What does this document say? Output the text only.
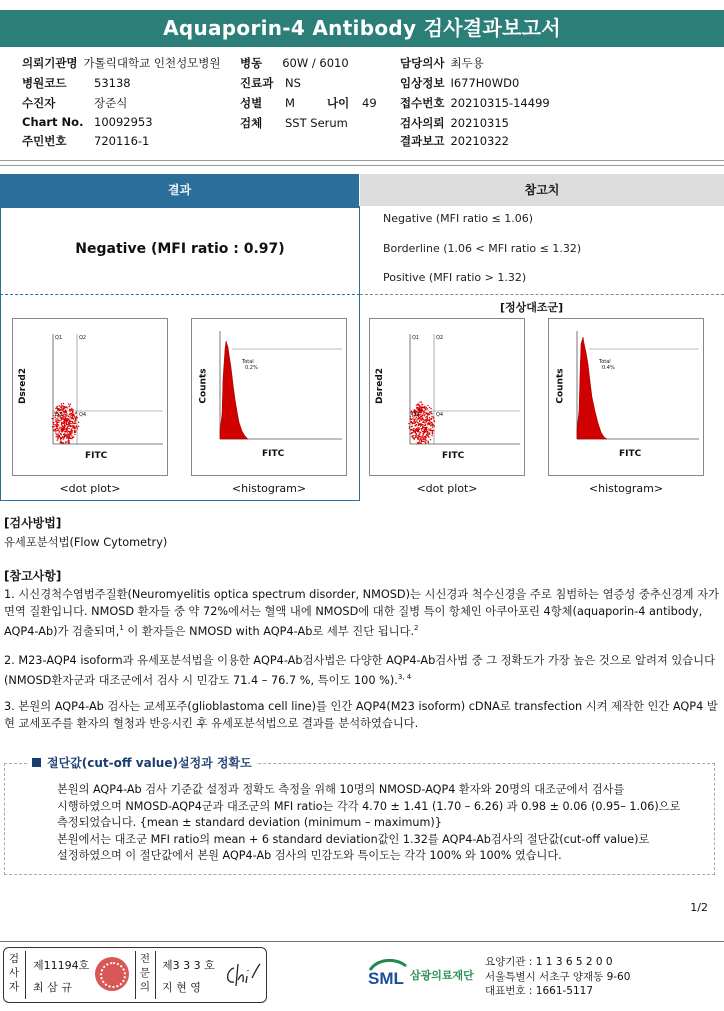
Aquaporin-4 Antibody 검사결과보고서
의뢰기관명 가톨릭대학교 인천성모병원 병동 60W / 6010	담당의사 최두용
병원코드 53138	진료과 NS	임상정보 I677H0WD0
수진자	장준식	성별 M	나이 49 접수번호 20210315-14499
Chart No. 10092953	검체 SST Serum	검사의뢰 20210315
주민번호 720116-1	결과보고 20210322
결과	참고치
Negative (MFI ratio : 0.97)
Negative (MFI ratio ≤ 1.06)
Borderline (1.06 < MFI ratio ≤ 1.32)
Positive (MFI ratio > 1.32)
[정상대조군]
Q1	Q2
Q3	Q4
Dsred2
FITC
<dot plot>
Total
0.2%
Counts
FITC
<histogram>
Q1	Q2
Q3	Q4
Dsred2
FITC
<dot plot>
Total
0.4%
Counts
FITC
<histogram>
[검사방법]
유세포분석법(Flow Cytometry)
[참고사항]
1. 시신경척수염범주질환(Neuromyelitis optica spectrum disorder, NMOSD)는 시신경과 척수신경을 주로 침범하는 염증성 중추신경계 자가면역 질환입니다. NMOSD 환자들 중 약 72%에서는 혈액 내에 NMOSD에 대한 질병 특이 항체인 아쿠아포린 4항체(aquaporin-4 antibody, AQP4-Ab)가 검출되며,$^1$ 이 환자들은 NMOSD with AQP4-Ab로 세부 진단 됩니다.$^2$
2. M23-AQP4 isoform과 유세포분석법을 이용한 AQP4-Ab검사법은 다양한 AQP4-Ab검사법 중 그 정확도가 가장 높은 것으로 알려져 있습니다(NMOSD환자군과 대조군에서 검사 시 민감도 71.4 – 76.7 %, 특이도 100 %).$^{3, 4}$
3. 본원의 AQP4-Ab 검사는 교세포주(glioblastoma cell line)를 인간 AQP4(M23 isoform) cDNA로 transfection 시켜 제작한 인간 AQP4 발현 교세포주를 환자의 혈청과 반응시킨 후 유세포분석법으로 결과를 분석하였습니다.
절단값(cut-off value)설정과 정확도
본원의 AQP4-Ab 검사 기준값 설정과 정확도 측정을 위해 10명의 NMOSD-AQP4 환자와 20명의 대조군에서 검사를
시행하였으며 NMOSD-AQP4군과 대조군의 MFI ratio는 각각 4.70 ± 1.41 (1.70 – 6.26) 과 0.98 ± 0.06 (0.95– 1.06)으로
측정되었습니다. {mean ± standard deviation (minimum – maximum)}
본원에서는 대조군 MFI ratio의 mean + 6 standard deviation값인 1.32를 AQP4-Ab검사의 절단값(cut-off value)로
설정하였으며 이 절단값에서 본원 AQP4-Ab 검사의 민감도와 특이도는 각각 100% 와 100% 였습니다.
1/2
검사자
제11194호
최 삼 규
전문의
제3 3 3 호
지 현 영	SML 삼광의료재단
요양기관 : 1 1 3 6 5 2 0 0
서울특별시 서초구 양재동 9-60
대표번호 : 1661-5117
